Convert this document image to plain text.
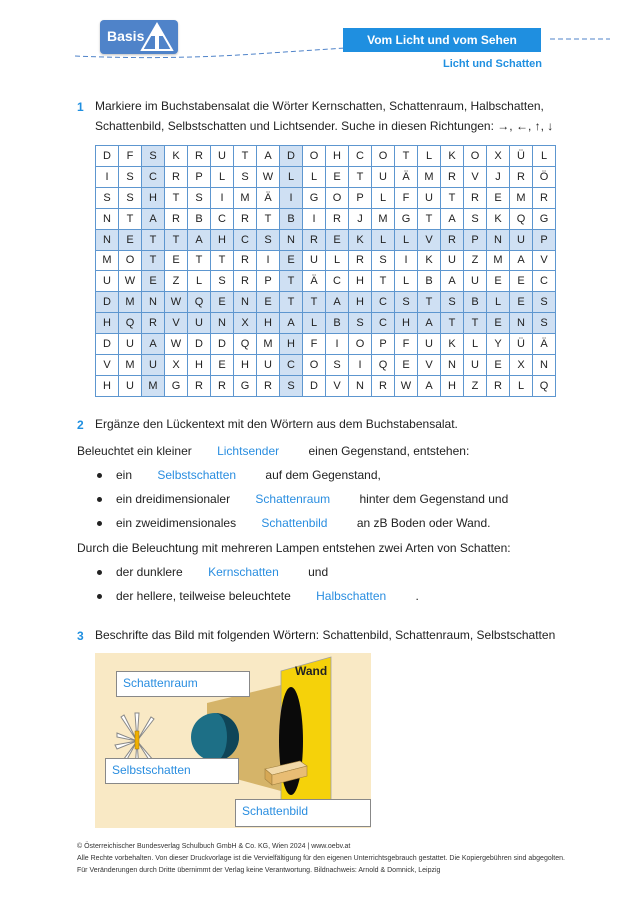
Basis	Vom Licht und vom Sehen
Licht und Schatten
1 Markiere im Buchstabensalat die Wörter Kernschatten, Schattenraum, Halbschatten,
Schattenbild, Selbstschatten und Lichtsender. Suche in diesen Richtungen: →, ←, ↑, ↓
D	F	S	K	R	U	T	A	D	O	H	C	O	T	L	K	O	X	Ü	L
I	S	C	R	P	L	S	W	L	L	E	T	U	Ä	M	R	V	J	R	Ö
S	S	H	T	S	I	M	Ä	I	G	O	P	L	F	U	T	R	E	M	R
N	T	A	R	B	C	R	T	B	I	R	J	M	G	T	A	S	K	Q	G
N	E	T	T	A	H	C	S	N	R	E	K	L	L	V	R	P	N	U	P
M	O	T	E	T	T	R	I	E	U	L	R	S	I	K	U	Z	M	A	V
U	W	E	Z	L	S	R	P	T	Ä	C	H	T	L	B	A	U	E	E	C
D	M	N	W	Q	E	N	E	T	T	A	H	C	S	T	S	B	L	E	S
H	Q	R	V	U	N	X	H	A	L	B	S	C	H	A	T	T	E	N	S
D	U	A	W	D	D	Q	M	H	F	I	O	P	F	U	K	L	Y	Ü	Ä
V	M	U	X	H	E	H	U	C	O	S	I	Q	E	V	N	U	E	X	N
H	U	M	G	R	R	G	R	S	D	V	N	R	W	A	H	Z	R	L	Q
2 Ergänze den Lückentext mit den Wörtern aus dem Buchstabensalat.
Beleuchtet ein kleiner Lichtsender einen Gegenstand, entstehen:
ein Selbstschatten auf dem Gegenstand,
ein dreidimensionaler Schattenraum hinter dem Gegenstand und
ein zweidimensionales Schattenbild an zB Boden oder Wand.
Durch die Beleuchtung mit mehreren Lampen entstehen zwei Arten von Schatten:
der dunklere Kernschatten und
der hellere, teilweise beleuchtete Halbschatten .
3 Beschrifte das Bild mit folgenden Wörtern: Schattenbild, Schattenraum, Selbstschatten
Wand
Schattenraum
Selbstschatten
Schattenbild
© Österreichischer Bundesverlag Schulbuch GmbH & Co. KG, Wien 2024 | www.oebv.at
Alle Rechte vorbehalten. Von dieser Druckvorlage ist die Vervielfältigung für den eigenen Unterrichtsgebrauch gestattet. Die Kopiergebühren sind abgegolten.
Für Veränderungen durch Dritte übernimmt der Verlag keine Verantwortung. Bildnachweis: Arnold & Domnick, Leipzig
